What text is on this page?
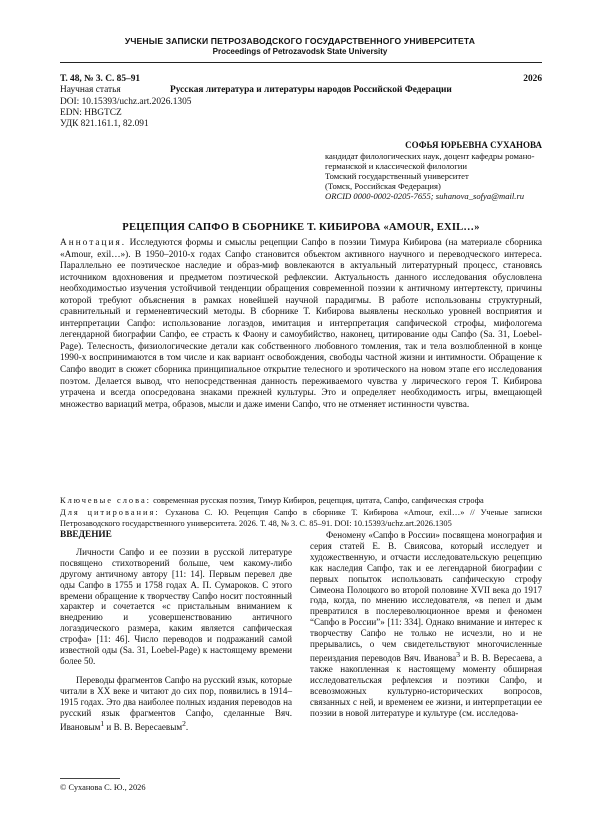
УЧЕНЫЕ ЗАПИСКИ ПЕТРОЗАВОДСКОГО ГОСУДАРСТВЕННОГО УНИВЕРСИТЕТА
Proceedings of Petrozavodsk State University
Т. 48, № 3. С. 85–91	2026
Научная статья	Русская литература и литературы народов Российской Федерации
DOI: 10.15393/uchz.art.2026.1305
EDN: HBGTCZ
УДК 821.161.1, 82.091
СОФЬЯ ЮРЬЕВНА СУХАНОВА
кандидат филологических наук, доцент кафедры романо-
германской и классической филологии
Томский государственный университет
(Томск, Российская Федерация)
ORCID 0000-0002-0205-7655; suhanova_sofya@mail.ru
РЕЦЕПЦИЯ САПФО В СБОРНИКЕ Т. КИБИРОВА «AMOUR, EXIL…»
Аннотация. Исследуются формы и смыслы рецепции Сапфо в поэзии Тимура Кибирова (на материале сборника «Amour, exil…»). В 1950–2010-х годах Сапфо становится объектом активного научного и переводческого интереса. Параллельно ее поэтическое наследие и образ-миф вовлекаются в актуальный литературный процесс, становясь источником вдохновения и предметом поэтической рефлексии. Актуальность данного исследования обусловлена необходимостью изучения устойчивой тенденции обращения современной поэзии к античному интертексту, причины которой требуют объяснения в рамках новейшей научной парадигмы. В работе использованы структурный, сравнительный и герменевтический методы. В сборнике Т. Кибирова выявлены несколько уровней восприятия и интерпретации Сапфо: использование логаэдов, имитация и интерпретация сапфической строфы, мифологема легендарной биографии Сапфо, ее страсть к Фаону и самоубийство, наконец, цитирование оды Сапфо (Sa. 31, Loebel-Page). Телесность, физиологические детали как собственного любовного томления, так и тела возлюбленной в конце 1990-х воспринимаются в том числе и как вариант освобождения, свободы частной жизни и интимности. Обращение к Сапфо вводит в сюжет сборника принципиальное открытие телесного и эротического на новом этапе его исследования поэтом. Делается вывод, что непосредственная данность переживаемого чувства у лирического героя Т. Кибирова утрачена и всегда опосредована знаками прежней культуры. Это и определяет необходимость игры, вмещающей множество вариаций метра, образов, мысли и даже имени Сапфо, что не отменяет истинности чувства.
Ключевые слова: современная русская поэзия, Тимур Кибиров, рецепция, цитата, Сапфо, сапфическая строфа
Для цитирования: Суханова С. Ю. Рецепция Сапфо в сборнике Т. Кибирова «Amour, exil…» // Ученые записки Петрозаводского государственного университета. 2026. Т. 48, № 3. С. 85–91. DOI: 10.15393/uchz.art.2026.1305
ВВЕДЕНИЕ

Личности Сапфо и ее поэзии в русской литературе посвящено стихотворений больше, чем какому-либо другому античному автору [11: 14]. Первым перевел две оды Сапфо в 1755 и 1758 годах А. П. Сумароков. С этого времени обращение к творчеству Сапфо носит постоянный характер и сочетается «с пристальным вниманием к внедрению и усовершенствованию античного логаэдического размера, каким является сапфическая строфа» [11: 46]. Число переводов и подражаний самой известной оды (Sa. 31, Loebel-Page) к настоящему времени более 50.

Переводы фрагментов Сапфо на русский язык, которые читали в XX веке и читают до сих пор, появились в 1914–1915 годах. Это два наиболее полных издания переводов на русский язык фрагментов Сапфо, сделанные Вяч. Ивановым$^1$ и В. В. Вересаевым$^2$.

Феномену «Сапфо в России» посвящена монография и серия статей Е. В. Свиясова, который исследует и художественную, и отчасти исследовательскую рецепцию как наследия Сапфо, так и ее легендарной биографии с первых попыток использовать сапфическую строфу Симеона Полоцкого во второй половине XVII века до 1917 года, когда, по мнению исследователя, «в пепел и дым превратился в послереволюционное время и феномен “Сапфо в России”» [11: 334]. Однако внимание и интерес к творчеству Сапфо не только не исчезли, но и не прерывались, о чем свидетельствуют многочисленные переиздания переводов Вяч. Иванова$^3$ и В. В. Вересаева, а также накопленная к настоящему моменту обширная исследовательская рефлексия и поэтики Сапфо, и всевозможных культурно-исторических вопросов, связанных с ней, и временем ее жизни, и интерпретации ее поэзии в новой литературе и культуре (см. исследова-

© Суханова С. Ю., 2026
